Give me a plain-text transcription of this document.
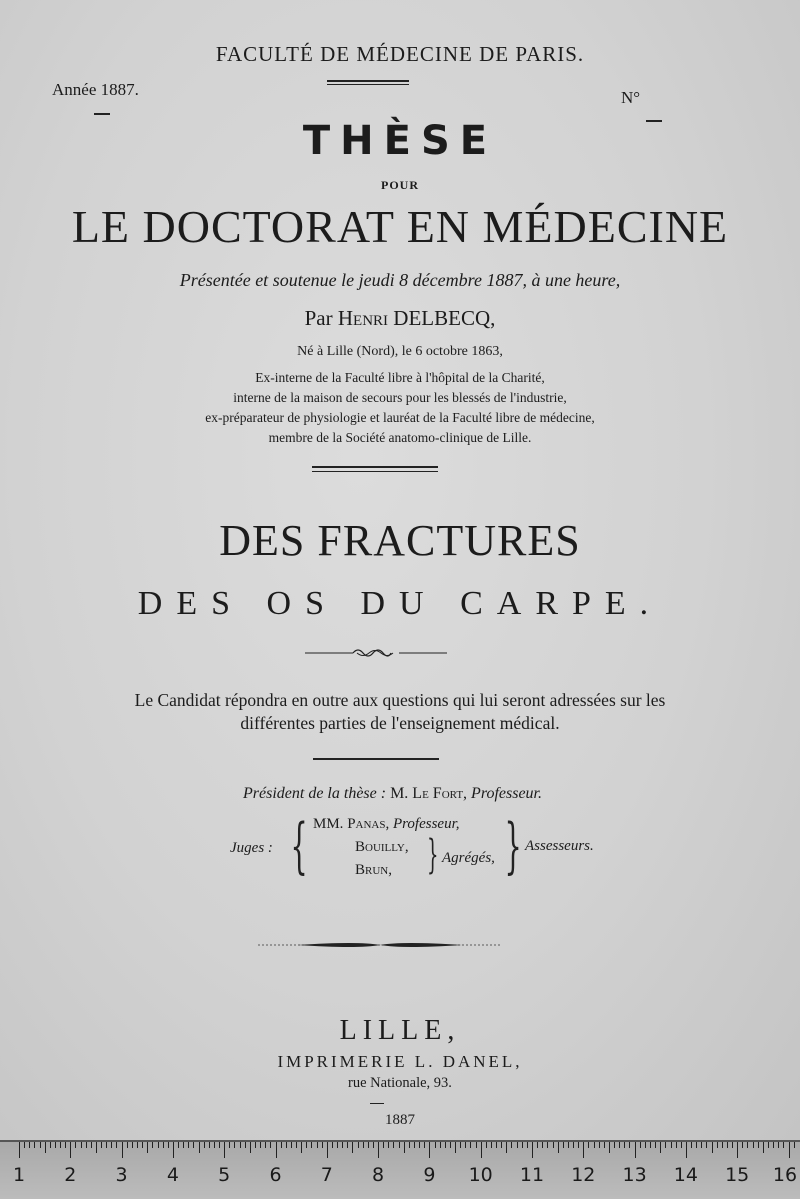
FACULTÉ DE MÉDECINE DE PARIS.
Année 1887.	N°
THÈSE
POUR
LE DOCTORAT EN MÉDECINE
Présentée et soutenue le jeudi 8 décembre 1887, à une heure,
Par Henri DELBECQ,
Né à Lille (Nord), le 6 octobre 1863,
Ex-interne de la Faculté libre à l'hôpital de la Charité,
interne de la maison de secours pour les blessés de l'industrie,
ex-préparateur de physiologie et lauréat de la Faculté libre de médecine,
membre de la Société anatomo-clinique de Lille.
DES FRACTURES
DES OS DU CARPE.
Le Candidat répondra en outre aux questions qui lui seront adressées sur les
différentes parties de l'enseignement médical.
Président de la thèse : M. Le Fort, Professeur.
Juges : { MM. Panas, Professeur,
Bouilly,
Brun, } Agrégés, } Assesseurs.
LILLE,
IMPRIMERIE L. DANEL,
rue Nationale, 93.
1887
1 2 3 4 5 6 7 8 9 10 11 12 13 14 15 16
